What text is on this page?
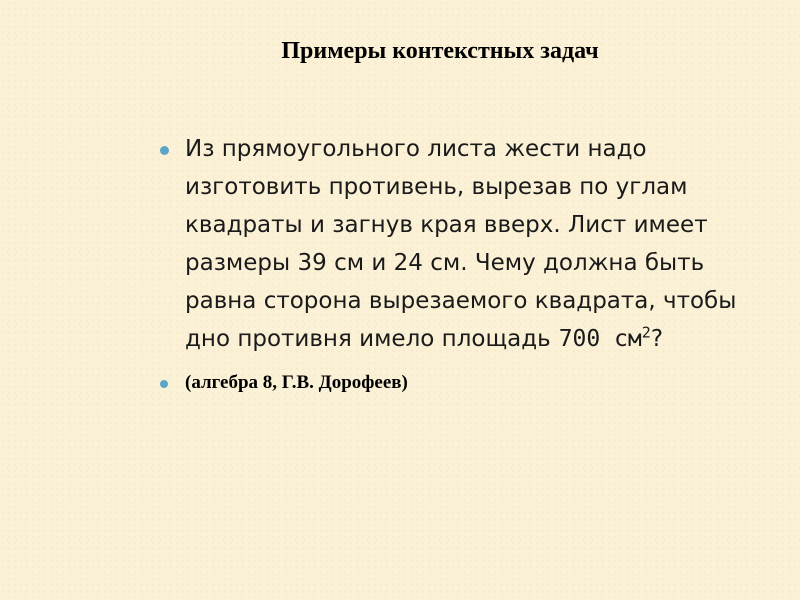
Примеры контекстных задач

Из прямоугольного листа жести надо изготовить противень, вырезав по углам квадраты и загнув края вверх. Лист имеет размеры 39 см и 24 см. Чему должна быть равна сторона вырезаемого квадрата, чтобы дно противня имело площадь 700 $см^2$?

(алгебра 8, Г.В. Дорофеев)
